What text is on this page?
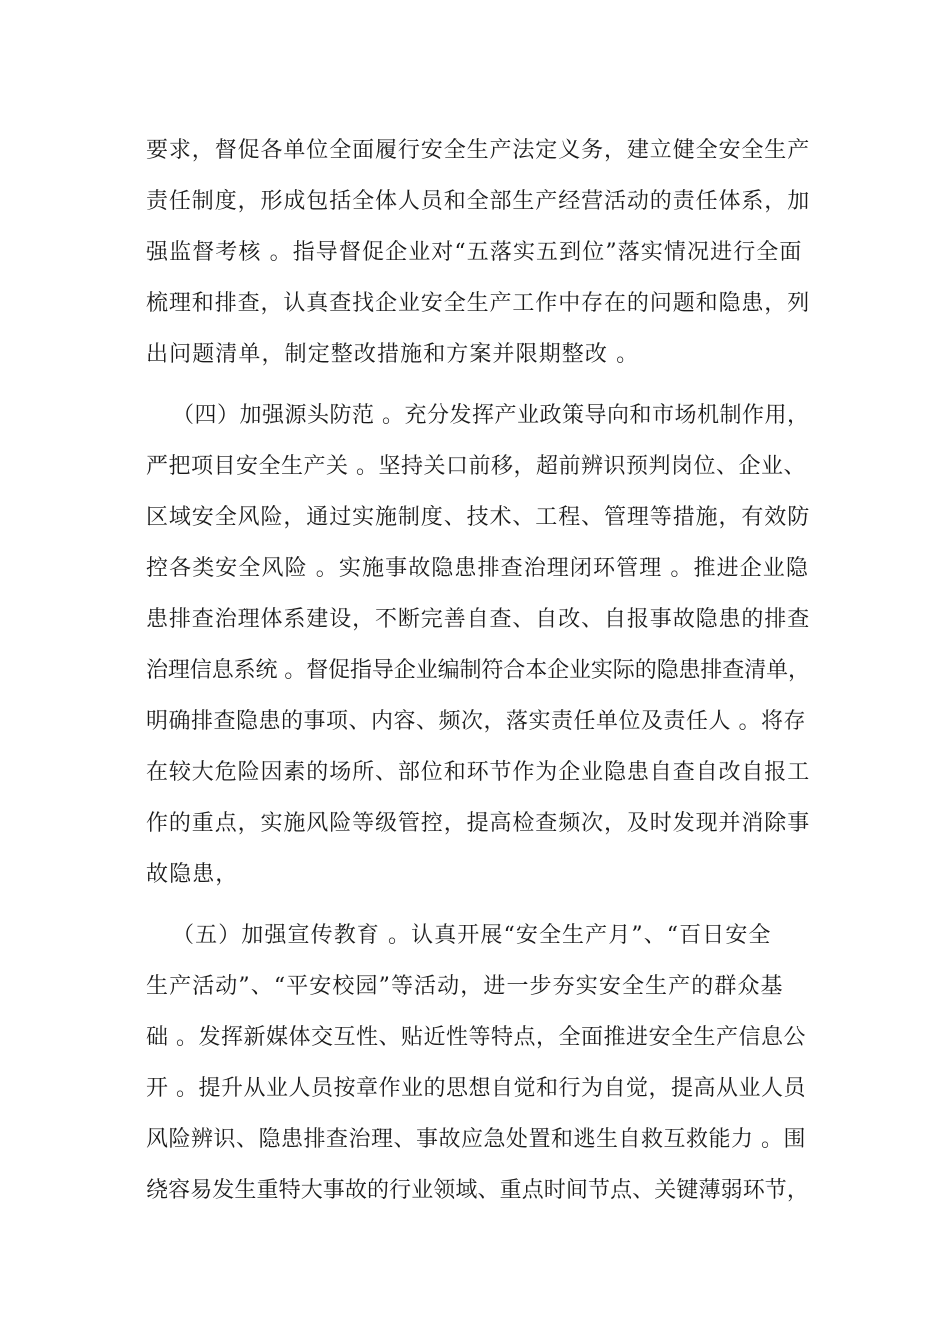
要求，督促各单位全面履行安全生产法定义务，建立健全安全生产
责任制度，形成包括全体人员和全部生产经营活动的责任体系，加
强监督考核 。指导督促企业对“五落实五到位”落实情况进行全面
梳理和排查，认真查找企业安全生产工作中存在的问题和隐患，列
出问题清单，制定整改措施和方案并限期整改 。
（四）加强源头防范 。充分发挥产业政策导向和市场机制作用，
严把项目安全生产关 。坚持关口前移，超前辨识预判岗位、企业、
区域安全风险，通过实施制度、技术、工程、管理等措施，有效防
控各类安全风险 。实施事故隐患排查治理闭环管理 。推进企业隐
患排查治理体系建设，不断完善自查、自改、自报事故隐患的排查
治理信息系统 。督促指导企业编制符合本企业实际的隐患排查清单，
明确排查隐患的事项、内容、频次，落实责任单位及责任人 。将存
在较大危险因素的场所、部位和环节作为企业隐患自查自改自报工
作的重点，实施风险等级管控，提高检查频次，及时发现并消除事
故隐患，
（五）加强宣传教育 。认真开展“安全生产月”、“百日安全
生产活动”、“平安校园”等活动，进一步夯实安全生产的群众基
础 。发挥新媒体交互性、贴近性等特点，全面推进安全生产信息公
开 。提升从业人员按章作业的思想自觉和行为自觉，提高从业人员
风险辨识、隐患排查治理、事故应急处置和逃生自救互救能力 。围
绕容易发生重特大事故的行业领域、重点时间节点、关键薄弱环节，
